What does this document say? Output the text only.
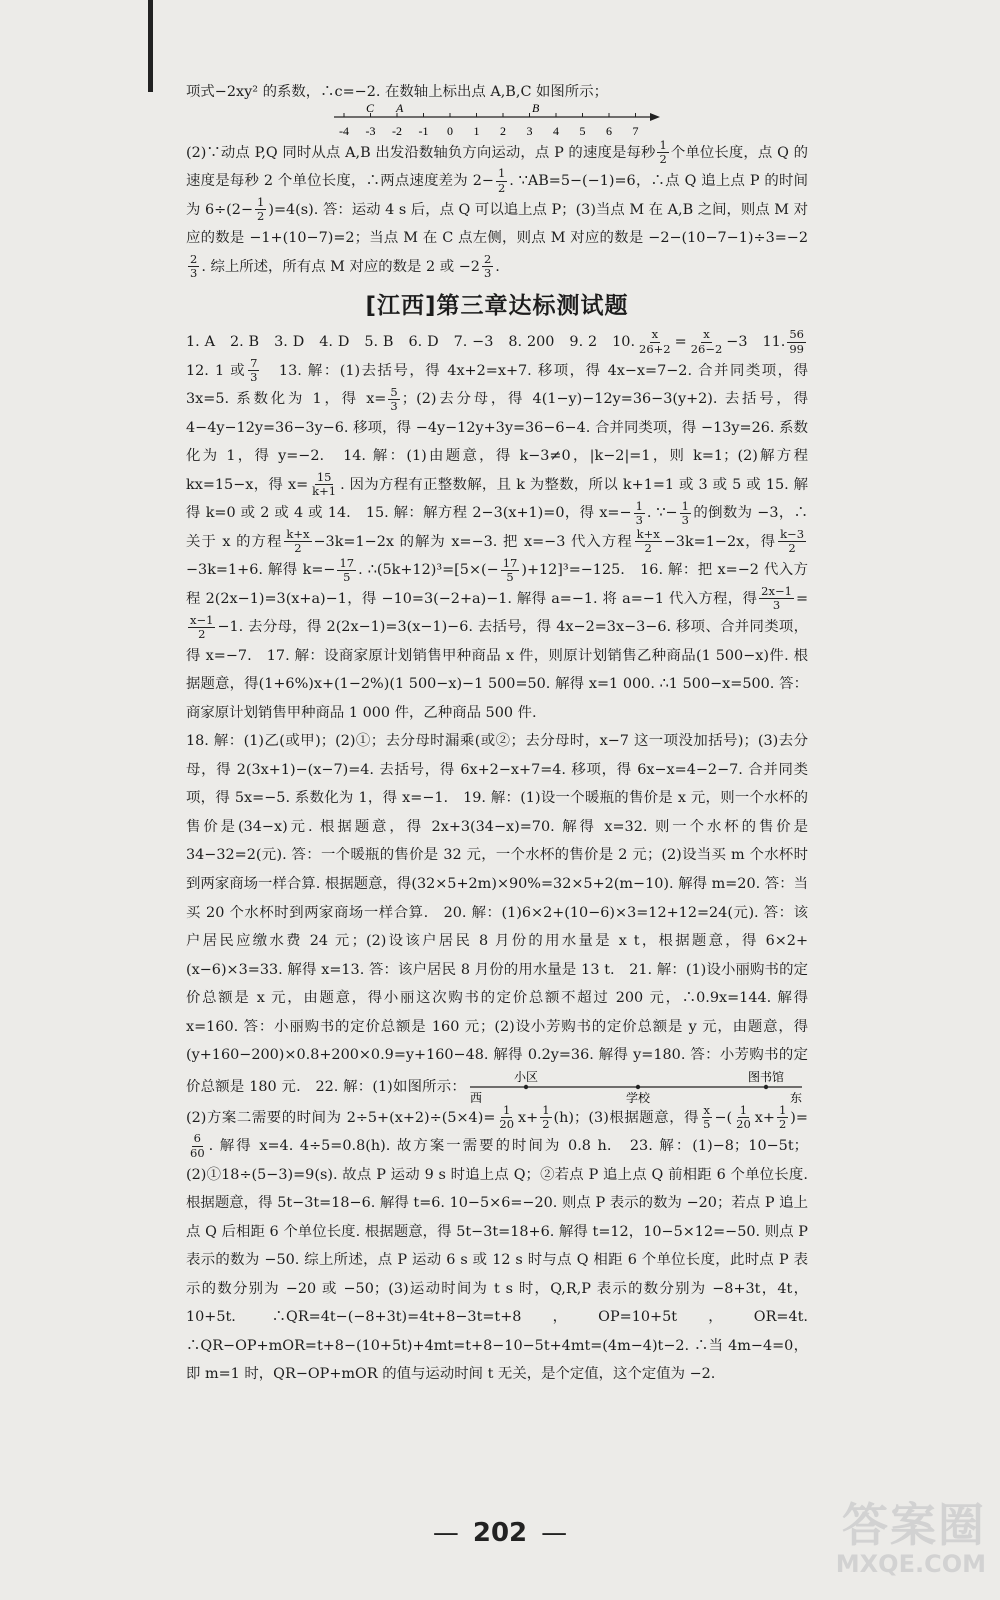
项式−2xy² 的系数，∴c=−2. 在数轴上标出点 A,B,C 如图所示；

-4 -3 -2 -1 0 1 2 3 4 5 6 7
C A	B

(2)∵动点 P,Q 同时从点 A,B 出发沿数轴负方向运动，点 P 的速度是每秒 $\frac{1}{2}$ 个单位长度，点 Q 的速度是每秒 2 个单位长度，∴两点速度差为 $2- \frac{1}{2}$ . ∵AB=5−(−1)=6，∴点 Q 追上点 P 的时间为 $6\div(2- \frac{1}{2} )=4(s)$. 答：运动 4 s 后，点 Q 可以追上点 P；(3)当点 M 在 A,B 之间，则点 M 对应的数是 −1+(10−7)=2；当点 M 在 C 点左侧，则点 M 对应的数是 −2−(10−7−1)÷3=−2
$\frac{2}{3}$ . 综上所述，所有点 M 对应的数是 2 或 $-2 \frac{2}{3}$ .

[江西]第三章达标测试题

1. A　2. B　3. D　4. D　5. B　6. D　7. −3　8. 200　9. 2　10. $\frac{x}{26+2} = \frac{x}{26-2} -3$　11. $\frac{56}{99}$
12. 1 或 $\frac{7}{3}$
　 13. 解：(1)去括号，得 4x+2=x+7. 移项，得 4x−x=7−2. 合并同类项，得 3x=5. 系数化为 1，得 $x= \frac{5}{3}$ ；(2)去分母，得 4(1−y)−12y=36−3(y+2). 去括号，得 4−4y−12y=36−3y−6. 移项，得 −4y−12y+3y=36−6−4. 合并同类项，得 −13y=26. 系数化为 1，得 y=−2.　14. 解：(1)由题意，得 k−3≠0，|k−2|=1，则 k=1；(2)解方程 kx=15−x，得 $x= \frac{15}{k+1}$ . 因为方程有正整数解，且 k 为整数，所以 k+1=1 或 3 或 5 或 15. 解得 k=0 或 2 或 4 或 14.　15. 解：解方程 2−3(x+1)=0，得 $x=- \frac{1}{3}$ . ∵− $\frac{1}{3}$ 的倒数为 −3，∴关于 x 的方程 $\frac{k+x}{2} -3k=1-2x$ 的解为 x=−3. 把 x=−3 代入方程 $\frac{k+x}{2} -3k=1-2x$，得 $\frac{k-3}{2}$
−3k=1+6. 解得 $k=- \frac{17}{5}$ . ∴(5k+12)³=[5×(− $\frac{17}{5} )+12]^3=-125$.　16. 解：把 x=−2 代入方程 2(2x−1)=3(x+a)−1，得 −10=3(−2+a)−1. 解得 a=−1. 将 a=−1 代入方程，得 $\frac{2x-1}{3}$ =
$\frac{x-1}{2} -1$. 去分母，得 2(2x−1)=3(x−1)−6. 去括号，得 4x−2=3x−3−6. 移项、合并同类项，得 x=−7.　17. 解：设商家原计划销售甲种商品 x 件，则原计划销售乙种商品(1 500−x)件. 根据题意，得(1+6%)x+(1−2%)(1 500−x)−1 500=50. 解得 x=1 000. ∴1 500−x=500. 答：商家原计划销售甲种商品 1 000 件，乙种商品 500 件.

18. 解：(1)乙(或甲)；(2)①；去分母时漏乘(或②；去分母时，x−7 这一项没加括号)；(3)去分母，得 2(3x+1)−(x−7)=4. 去括号，得 6x+2−x+7=4. 移项，得 6x−x=4−2−7. 合并同类项，得 5x=−5. 系数化为 1，得 x=−1.　19. 解：(1)设一个暖瓶的售价是 x 元，则一个水杯的售价是(34−x)元. 根据题意，得 2x+3(34−x)=70. 解得 x=32. 则一个水杯的售价是 34−32=2(元). 答：一个暖瓶的售价是 32 元，一个水杯的售价是 2 元；(2)设当买 m 个水杯时到两家商场一样合算. 根据题意，得(32×5+2m)×90%=32×5+2(m−10). 解得 m=20. 答：当买 20 个水杯时到两家商场一样合算.　20. 解：(1)6×2+(10−6)×3=12+12=24(元). 答：该户居民应缴水费 24 元；(2)设该户居民 8 月份的用水量是 x t，根据题意，得 6×2+(x−6)×3=33. 解得 x=13. 答：该户居民 8 月份的用水量是 13 t.　21. 解：(1)设小丽购书的定价总额是 x 元，由题意，得小丽这次购书的定价总额不超过 200 元，∴0.9x=144. 解得 x=160. 答：小丽购书的定价总额是 160 元；(2)设小芳购书的定价总额是 y 元，由题意，得(y+160−200)×0.8+200×0.9=y+160−48. 解得 0.2y=36. 解得 y=180. 答：小芳购书的定价总额是 180 元.　22. 解：(1)如图所示：
小区	图书馆
西	学校	东
(2)方案二需要的时间为 $2\div 5+(x+2)\div(5\times 4)= \frac{1}{20} x+ \frac{1}{2} (h)$；(3)根据题意，得 $\frac{x}{5}$ −( $\frac{1}{20} x+ \frac{1}{2}$ )=
$\frac{6}{60}$ . 解得 x=4. 4÷5=0.8(h). 故方案一需要的时间为 0.8 h.　23. 解：(1)−8；10−5t；(2)①18÷(5−3)=9(s). 故点 P 运动 9 s 时追上点 Q；②若点 P 追上点 Q 前相距 6 个单位长度. 根据题意，得 5t−3t=18−6. 解得 t=6. 10−5×6=−20. 则点 P 表示的数为 −20；若点 P 追上点 Q 后相距 6 个单位长度. 根据题意，得 5t−3t=18+6. 解得 t=12，10−5×12=−50. 则点 P 表示的数为 −50. 综上所述，点 P 运动 6 s 或 12 s 时与点 Q 相距 6 个单位长度，此时点 P 表示的数分别为 −20 或 −50；(3)运动时间为 t s 时，Q,R,P 表示的数分别为 −8+3t，4t，10+5t. ∴QR=4t−(−8+3t)=4t+8−3t=t+8，OP=10+5t，OR=4t. ∴QR−OP+mOR=t+8−(10+5t)+4mt=t+8−10−5t+4mt=(4m−4)t−2. ∴当 4m−4=0，即 m=1 时，QR−OP+mOR 的值与运动时间 t 无关，是个定值，这个定值为 −2.

— 202 —	答案圈
MXQE.COM
